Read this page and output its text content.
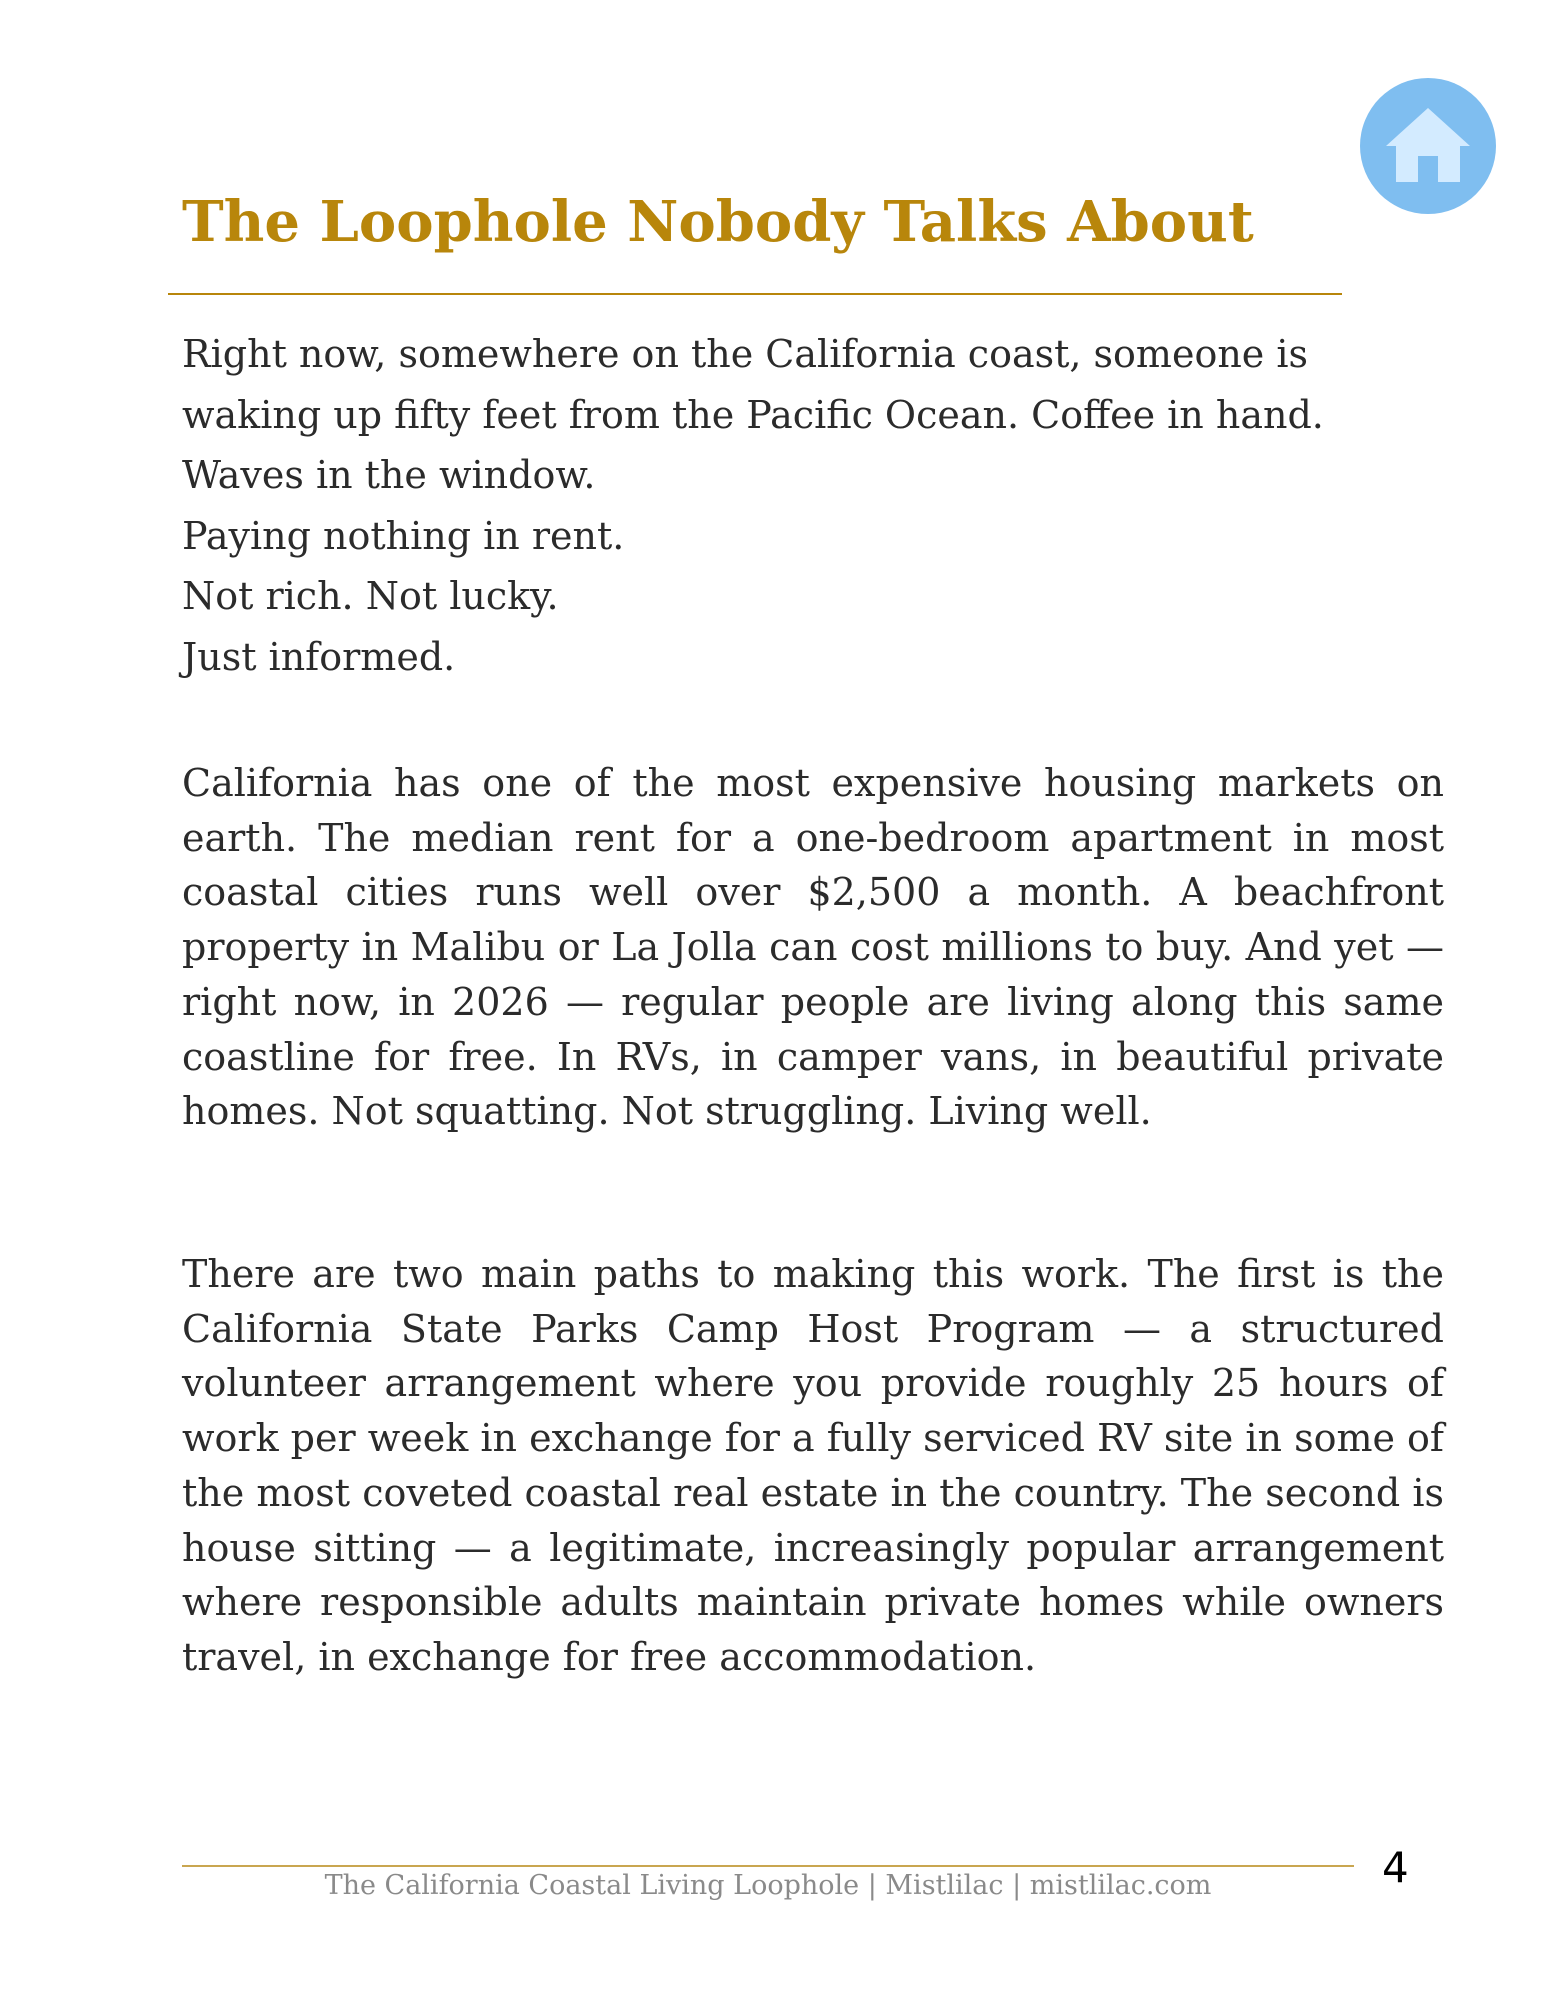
The Loophole Nobody Talks About

Right now, somewhere on the California coast, someone is

waking up fifty feet from the Pacific Ocean. Coffee in hand.

Waves in the window.

Paying nothing in rent.

Not rich. Not lucky.

Just informed.

California has one of the most expensive housing markets on earth. The median rent for a one-bedroom apartment in most coastal cities runs well over $2,500 a month. A beachfront property in Malibu or La Jolla can cost millions to buy. And yet — right now, in 2026 — regular people are living along this same coastline for free. In RVs, in camper vans, in beautiful private homes. Not squatting. Not struggling. Living well.

There are two main paths to making this work. The first is the California State Parks Camp Host Program — a structured volunteer arrangement where you provide roughly 25 hours of work per week in exchange for a fully serviced RV site in some of the most coveted coastal real estate in the country. The second is house sitting — a legitimate, increasingly popular arrangement where responsible adults maintain private homes while owners travel, in exchange for free accommodation.

The California Coastal Living Loophole | Mistlilac | mistlilac.com	4
